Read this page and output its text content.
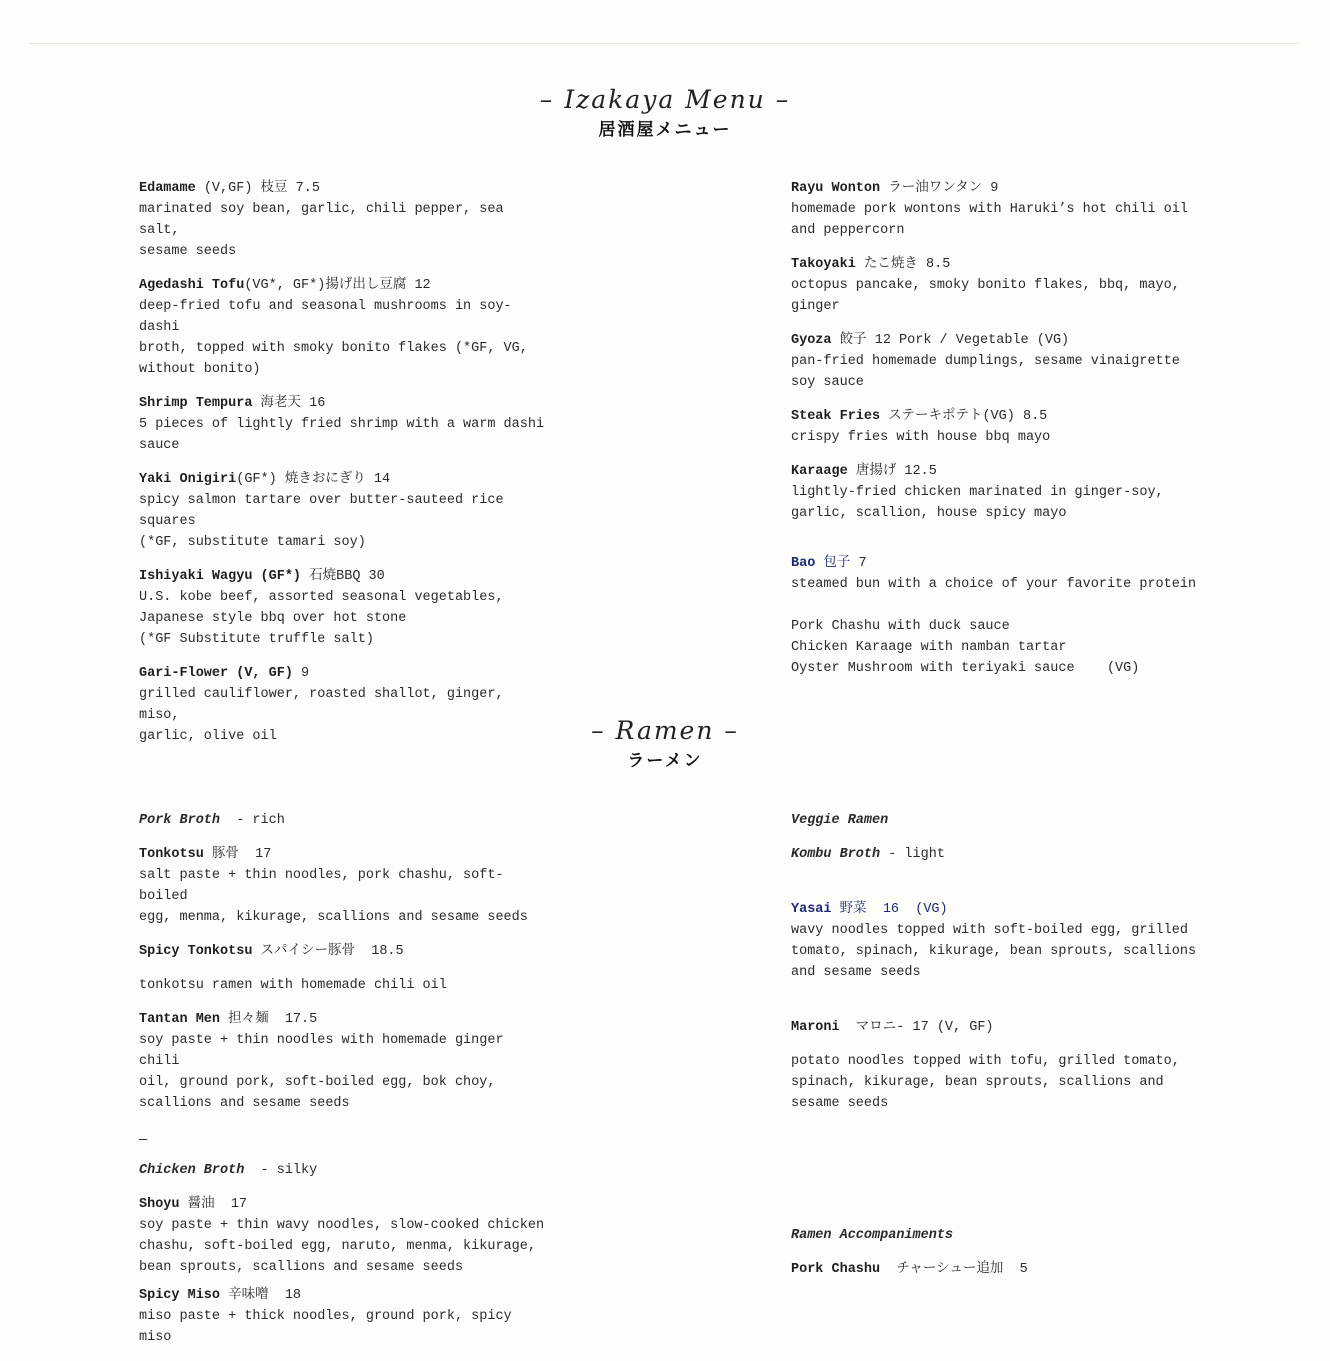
– Izakaya Menu –
居酒屋メニュー
Edamame (V,GF) 枝豆 7.5
marinated soy bean, garlic, chili pepper, sea salt,
sesame seeds
Agedashi Tofu(VG*, GF*)揚げ出し豆腐 12
deep-fried tofu and seasonal mushrooms in soy-dashi
broth, topped with smoky bonito flakes (*GF, VG,
without bonito)
Shrimp Tempura 海老天 16
5 pieces of lightly fried shrimp with a warm dashi
sauce
Yaki Onigiri(GF*) 焼きおにぎり 14
spicy salmon tartare over butter-sauteed rice
squares
(*GF, substitute tamari soy)
Ishiyaki Wagyu (GF*) 石焼BBQ 30
U.S. kobe beef, assorted seasonal vegetables,
Japanese style bbq over hot stone
(*GF Substitute truffle salt)
Gari-Flower (V, GF) 9
grilled cauliflower, roasted shallot, ginger, miso,
garlic, olive oil
Rayu Wonton ラー油ワンタン 9
homemade pork wontons with Haruki’s hot chili oil
and peppercorn
Takoyaki たこ焼き 8.5
octopus pancake, smoky bonito flakes, bbq, mayo,
ginger
Gyoza 餃子 12 Pork / Vegetable (VG)
pan-fried homemade dumplings, sesame vinaigrette
soy sauce
Steak Fries ステーキポテト(VG) 8.5
crispy fries with house bbq mayo
Karaage 唐揚げ 12.5
lightly-fried chicken marinated in ginger-soy,
garlic, scallion, house spicy mayo
Bao 包子 7
steamed bun with a choice of your favorite protein
Pork Chashu with duck sauce
Chicken Karaage with namban tartar
Oyster Mushroom with teriyaki sauce    (VG)
– Ramen –
ラーメン
Pork Broth  - rich
Tonkotsu 豚骨  17
salt paste + thin noodles, pork chashu, soft-boiled
egg, menma, kikurage, scallions and sesame seeds
Spicy Tonkotsu スパイシー豚骨  18.5
tonkotsu ramen with homemade chili oil
Tantan Men 担々麺  17.5
soy paste + thin noodles with homemade ginger chili
oil, ground pork, soft-boiled egg, bok choy,
scallions and sesame seeds
—
Chicken Broth  - silky
Shoyu 醤油  17
soy paste + thin wavy noodles, slow-cooked chicken
chashu, soft-boiled egg, naruto, menma, kikurage,
bean sprouts, scallions and sesame seeds
Spicy Miso 辛味噌  18
miso paste + thick noodles, ground pork, spicy miso
Veggie Ramen
Kombu Broth - light
Yasai 野菜  16  (VG)
wavy noodles topped with soft-boiled egg, grilled
tomato, spinach, kikurage, bean sprouts, scallions
and sesame seeds
Maroni  マロニ- 17 (V, GF)
potato noodles topped with tofu, grilled tomato,
spinach, kikurage, bean sprouts, scallions and
sesame seeds
Ramen Accompaniments
Pork Chashu  チャーシュー追加  5
